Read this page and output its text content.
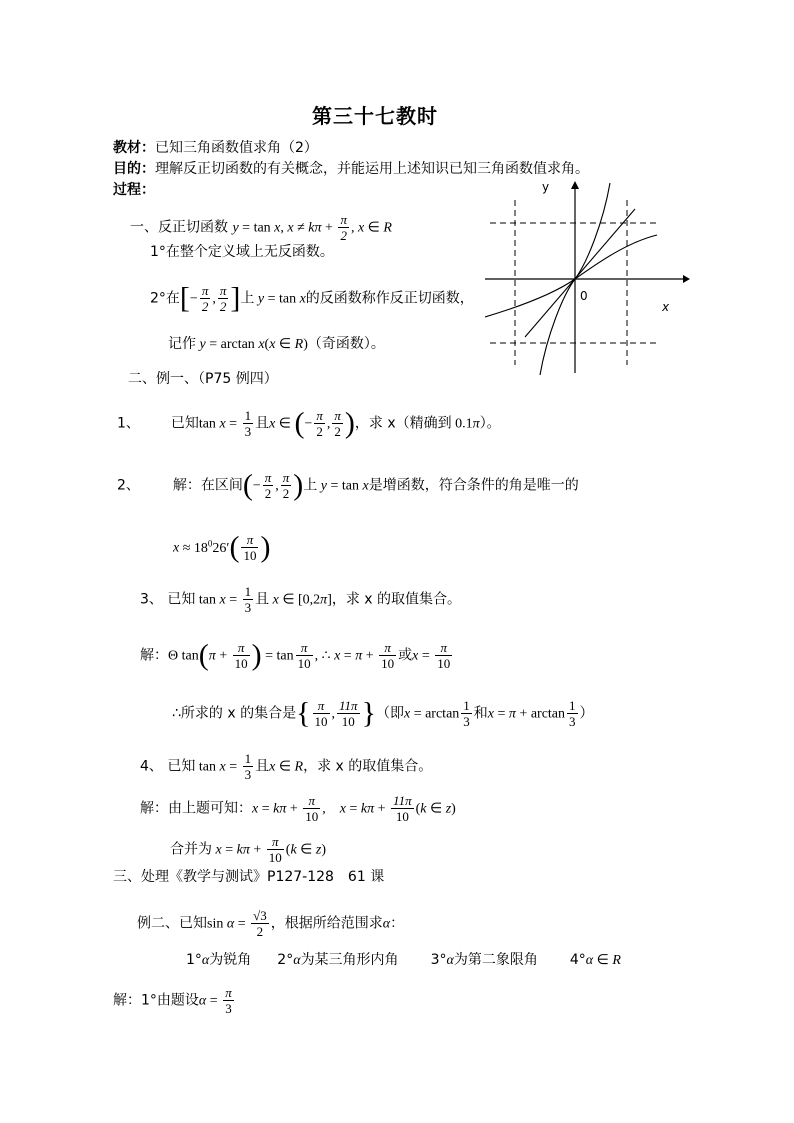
第三十七教时
教材：已知三角函数值求角（2）
目的：理解反正切函数的有关概念，并能运用上述知识已知三角函数值求角。
过程：
一、反正切函数 y = tan x, $x \ne k\pi + \frac{\pi}{2}$ , x ∈ R
1°在整个定义域上无反函数。
2°在[− $\frac{\pi}{2}$ , $\frac{\pi}{2}$ ]上 y = tan x的反函数称作反正切函数，
记作 y = arctan x(x ∈ R)（奇函数）。
y
x
0
二、例一、（P75 例四）
1、 已知$\tan x = \frac{1}{3}$ 且x ∈ (− $\frac{\pi}{2}$ , $\frac{\pi}{2}$ )，求 x（精确到 0.1π）。
2、 解：在区间(− $\frac{\pi}{2}$ , $\frac{\pi}{2}$ )上 y = tan x是增函数，符合条件的角是唯一的
$x \approx 18^026'( \frac{\pi}{10}$ )
3、 已知 $\tan x = \frac{1}{3}$ 且 x ∈ [0,2π]，求 x 的取值集合。
解：Θ $\tan(\pi + \frac{\pi}{10}$ ) = $\tan \frac{\pi}{10}$ , ∴ $x = \pi + \frac{\pi}{10}$ 或$x = \frac{\pi}{10}$
∴所求的 x 的集合是{ $\frac{\pi}{10}$ , $\frac{11\pi}{10}$ }（即$x = \arctan \frac{1}{3}$ 和$x = \pi + \arctan \frac{1}{3}$ ）
4、 已知 $\tan x = \frac{1}{3}$ 且x ∈ R，求 x 的取值集合。
解：由上题可知：$x = k\pi + \frac{\pi}{10}$ ,　$x = k\pi + \frac{11\pi}{10} (k$ ∈ z)
合并为 $x = k\pi + \frac{\pi}{10} (k$ ∈ z)
三、处理《教学与测试》P127-128　61 课
例二、已知$\sin \alpha = \frac{√3}{2}$ ，根据所给范围求α：
1°α为锐角 2°α为某三角形内角 3°α为第二象限角 4°α ∈ R
解：1°由题设$\alpha = \frac{\pi}{3}$
